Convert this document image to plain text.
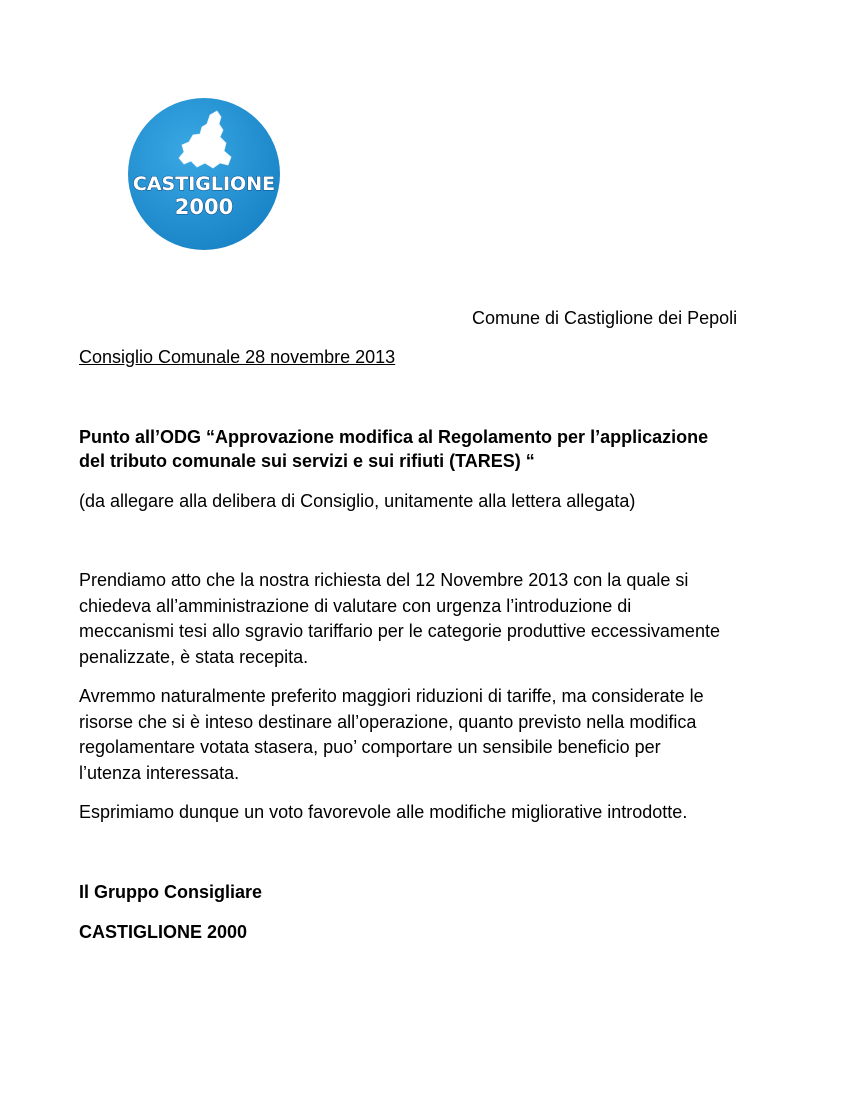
CASTIGLIONE
2000
Comune di Castiglione dei Pepoli
Consiglio Comunale 28 novembre 2013
Punto all’ODG “Approvazione modifica al Regolamento per l’applicazione
del tributo comunale sui servizi e sui rifiuti (TARES) “
(da allegare alla delibera di Consiglio, unitamente alla lettera allegata)
Prendiamo atto che la nostra richiesta del 12 Novembre 2013 con la quale si
chiedeva all’amministrazione di valutare con urgenza l’introduzione di
meccanismi tesi allo sgravio tariffario per le categorie produttive eccessivamente
penalizzate, è stata recepita.
Avremmo naturalmente preferito maggiori riduzioni di tariffe, ma considerate le
risorse che si è inteso destinare all’operazione, quanto previsto nella modifica
regolamentare votata stasera, puo’ comportare un sensibile beneficio per
l’utenza interessata.
Esprimiamo dunque un voto favorevole alle modifiche migliorative introdotte.
Il Gruppo Consigliare
CASTIGLIONE 2000
